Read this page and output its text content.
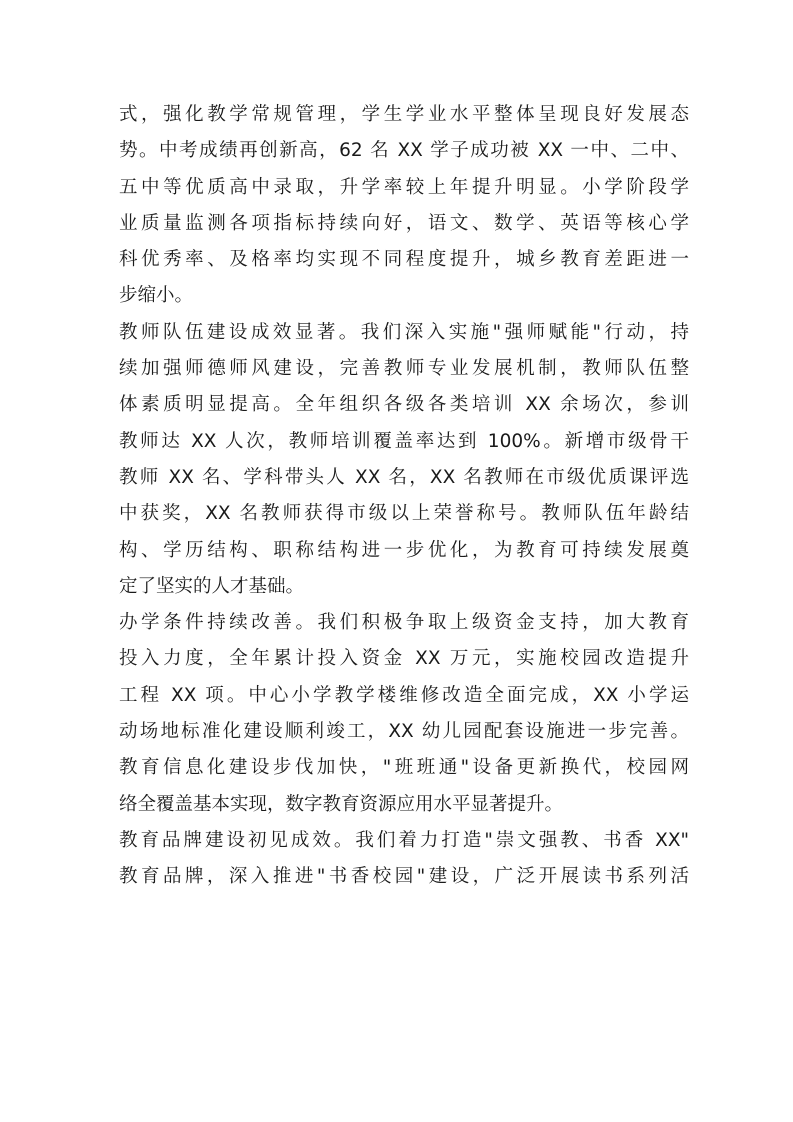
式，强化教学常规管理，学生学业水平整体呈现良好发展态
势。中考成绩再创新高，62 名 XX 学子成功被 XX 一中、二中、
五中等优质高中录取，升学率较上年提升明显。小学阶段学
业质量监测各项指标持续向好，语文、数学、英语等核心学
科优秀率、及格率均实现不同程度提升，城乡教育差距进一
步缩小。
教师队伍建设成效显著。我们深入实施"强师赋能"行动，持
续加强师德师风建设，完善教师专业发展机制，教师队伍整
体素质明显提高。全年组织各级各类培训 XX 余场次，参训
教师达 XX 人次，教师培训覆盖率达到 100%。新增市级骨干
教师 XX 名、学科带头人 XX 名，XX 名教师在市级优质课评选
中获奖，XX 名教师获得市级以上荣誉称号。教师队伍年龄结
构、学历结构、职称结构进一步优化，为教育可持续发展奠
定了坚实的人才基础。
办学条件持续改善。我们积极争取上级资金支持，加大教育
投入力度，全年累计投入资金 XX 万元，实施校园改造提升
工程 XX 项。中心小学教学楼维修改造全面完成，XX 小学运
动场地标准化建设顺利竣工，XX 幼儿园配套设施进一步完善。
教育信息化建设步伐加快，"班班通"设备更新换代，校园网
络全覆盖基本实现，数字教育资源应用水平显著提升。
教育品牌建设初见成效。我们着力打造"崇文强教、书香 XX"
教育品牌，深入推进"书香校园"建设，广泛开展读书系列活
